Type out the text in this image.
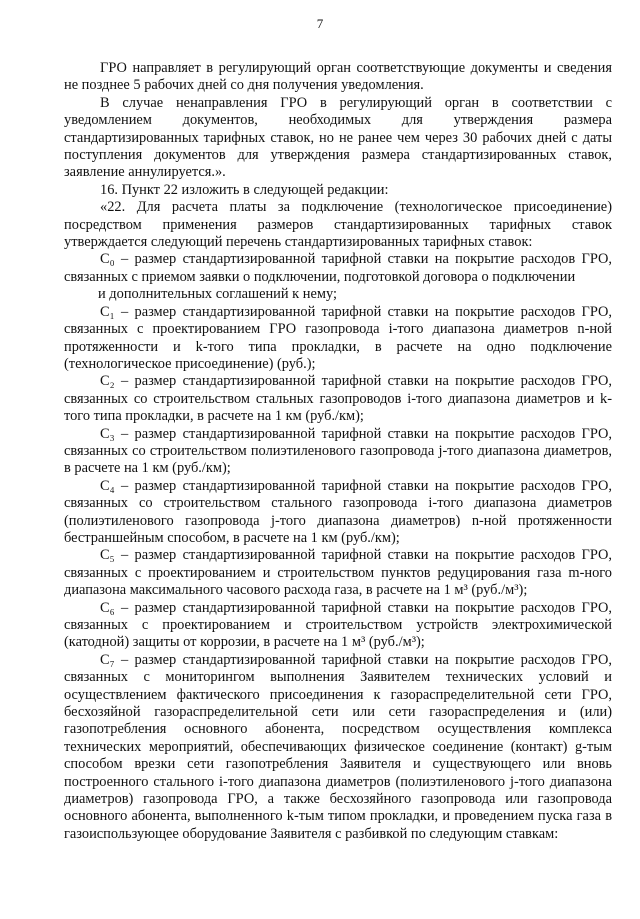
7

ГРО направляет в регулирующий орган соответствующие документы и сведения не позднее 5 рабочих дней со дня получения уведомления.

В случае ненаправления ГРО в регулирующий орган в соответствии с уведомлением документов, необходимых для утверждения размера стандартизированных тарифных ставок, но не ранее чем через 30 рабочих дней с даты поступления документов для утверждения размера стандартизированных ставок, заявление аннулируется.».

16. Пункт 22 изложить в следующей редакции:

«22. Для расчета платы за подключение (технологическое присоединение) посредством применения размеров стандартизированных тарифных ставок утверждается следующий перечень стандартизированных тарифных ставок:

С₀ – размер стандартизированной тарифной ставки на покрытие расходов ГРО, связанных с приемом заявки о подключении, подготовкой договора о подключении

и дополнительных соглашений к нему;

С₁ – размер стандартизированной тарифной ставки на покрытие расходов ГРО, связанных с проектированием ГРО газопровода i-того диапазона диаметров n-ной протяженности и k-того типа прокладки, в расчете на одно подключение (технологическое присоединение) (руб.);

С₂ – размер стандартизированной тарифной ставки на покрытие расходов ГРО, связанных со строительством стальных газопроводов i-того диапазона диаметров и k-того типа прокладки, в расчете на 1 км (руб./км);

С₃ – размер стандартизированной тарифной ставки на покрытие расходов ГРО, связанных со строительством полиэтиленового газопровода j-того диапазона диаметров, в расчете на 1 км (руб./км);

С₄ – размер стандартизированной тарифной ставки на покрытие расходов ГРО, связанных со строительством стального газопровода i-того диапазона диаметров (полиэтиленового газопровода j-того диапазона диаметров) n-ной протяженности бестраншейным способом, в расчете на 1 км (руб./км);

С₅ – размер стандартизированной тарифной ставки на покрытие расходов ГРО, связанных с проектированием и строительством пунктов редуцирования газа m-ного диапазона максимального часового расхода газа, в расчете на 1 м³ (руб./м³);

С₆ – размер стандартизированной тарифной ставки на покрытие расходов ГРО, связанных с проектированием и строительством устройств электрохимической (катодной) защиты от коррозии, в расчете на 1 м³ (руб./м³);

С₇ – размер стандартизированной тарифной ставки на покрытие расходов ГРО, связанных с мониторингом выполнения Заявителем технических условий и осуществлением фактического присоединения к газораспределительной сети ГРО, бесхозяйной газораспределительной сети или сети газораспределения и (или) газопотребления основного абонента, посредством осуществления комплекса технических мероприятий, обеспечивающих физическое соединение (контакт) g-тым способом врезки сети газопотребления Заявителя и существующего или вновь построенного стального i-того диапазона диаметров (полиэтиленового j-того диапазона диаметров) газопровода ГРО, а также бесхозяйного газопровода или газопровода основного абонента, выполненного k-тым типом прокладки, и проведением пуска газа в газоиспользующее оборудование Заявителя с разбивкой по следующим ставкам:
